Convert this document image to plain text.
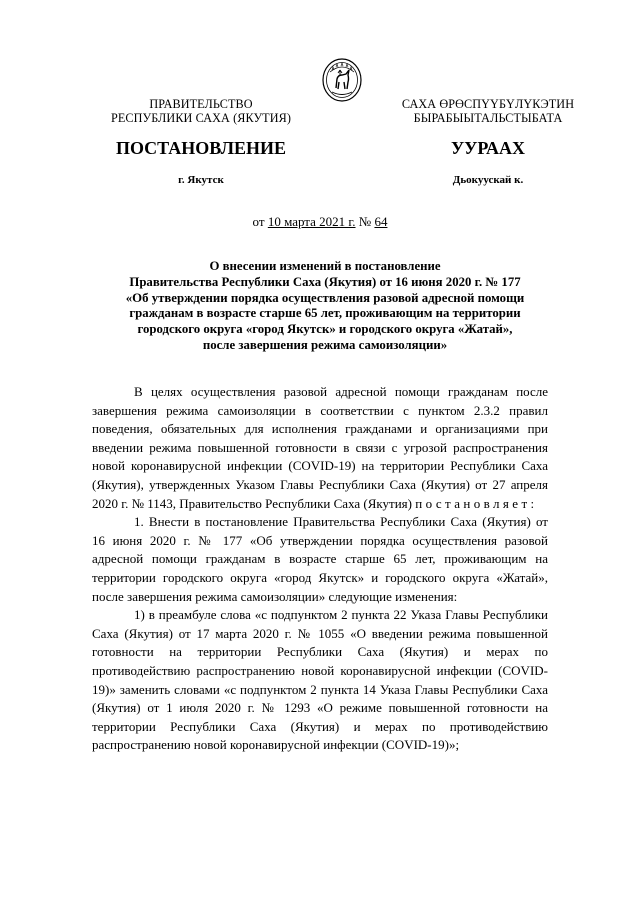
ПРАВИТЕЛЬСТВО
РЕСПУБЛИКИ САХА (ЯКУТИЯ)
САХА ӨРӨСПҮҮБҮЛҮКЭТИН
БЫРАБЫЫТАЛЬСТЫБАТА
ПОСТАНОВЛЕНИЕ	УУРААХ
г. Якутск	Дьокуускай к.
от 10 марта 2021 г. № 64
О внесении изменений в постановление
Правительства Республики Саха (Якутия) от 16 июня 2020 г. № 177
«Об утверждении порядка осуществления разовой адресной помощи
гражданам в возрасте старше 65 лет, проживающим на территории
городского округа «город Якутск» и городского округа «Жатай»,
после завершения режима самоизоляции»

В целях осуществления разовой адресной помощи гражданам после завершения режима самоизоляции в соответствии с пунктом 2.3.2 правил поведения, обязательных для исполнения гражданами и организациями при введении режима повышенной готовности в связи с угрозой распространения новой коронавирусной инфекции (COVID-19) на территории Республики Саха (Якутия), утвержденных Указом Главы Республики Саха (Якутия) от 27 апреля 2020 г. № 1143, Правительство Республики Саха (Якутия) постановляет:

1. Внести в постановление Правительства Республики Саха (Якутия) от 16 июня 2020 г. № 177 «Об утверждении порядка осуществления разовой адресной помощи гражданам в возрасте старше 65 лет, проживающим на территории городского округа «город Якутск» и городского округа «Жатай», после завершения режима самоизоляции» следующие изменения:

1) в преамбуле слова «с подпунктом 2 пункта 22 Указа Главы Республики Саха (Якутия) от 17 марта 2020 г. № 1055 «О введении режима повышенной готовности на территории Республики Саха (Якутия) и мерах по противодействию распространению новой коронавирусной инфекции (COVID-19)» заменить словами «с подпунктом 2 пункта 14 Указа Главы Республики Саха (Якутия) от 1 июля 2020 г. № 1293 «О режиме повышенной готовности на территории Республики Саха (Якутия) и мерах по противодействию распространению новой коронавирусной инфекции (COVID-19)»;
